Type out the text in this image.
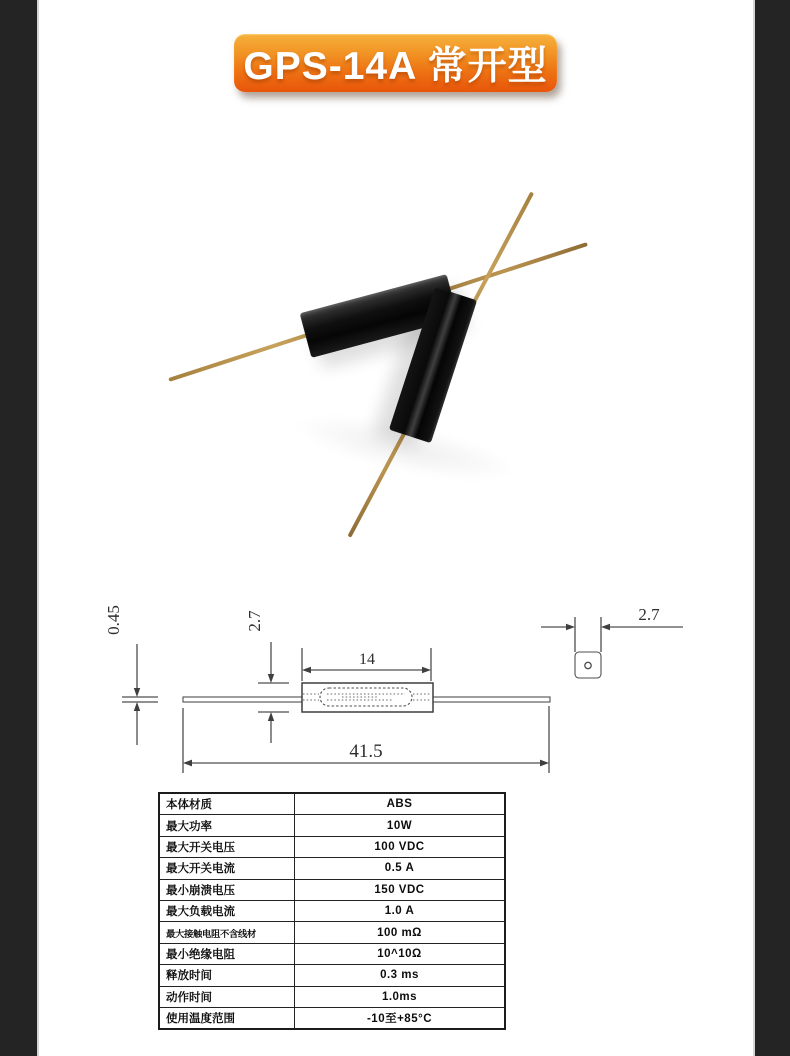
GPS-14A 常开型
0.45	2.7
14
41.5
2.7
本体材质	ABS
最大功率	10W
最大开关电压	100 VDC
最大开关电流	0.5 A
最小崩溃电压	150 VDC
最大负载电流	1.0 A
最大接触电阻不含线材	100 mΩ
最小绝缘电阻	10^10Ω
释放时间	0.3 ms
动作时间	1.0ms
使用温度范围	-10至+85°C
